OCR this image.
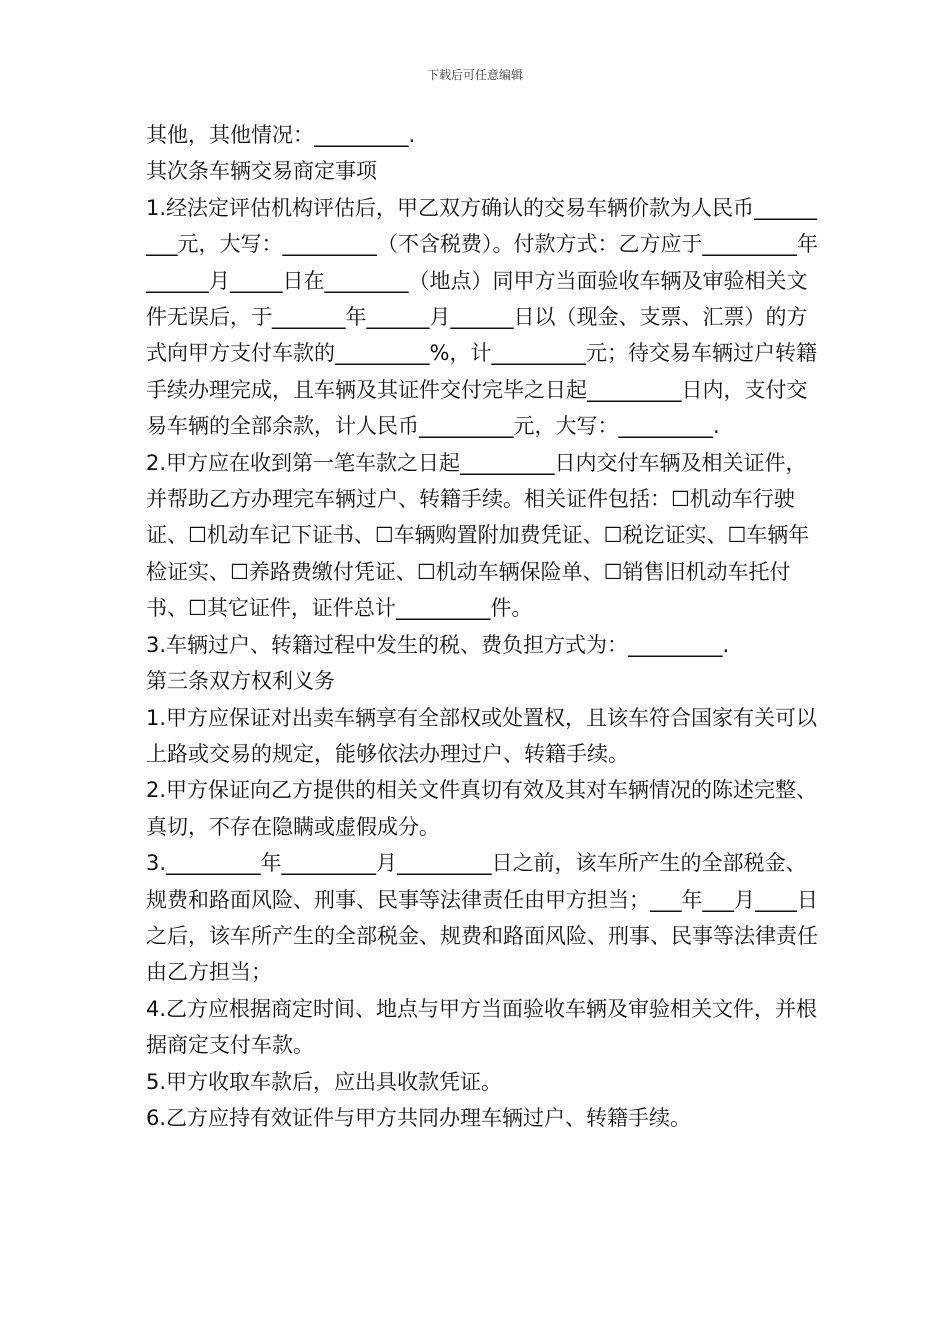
下载后可任意编辑

其他，其他情况：_________.

其次条车辆交易商定事项

1.经法定评估机构评估后，甲乙双方确认的交易车辆价款为人民币_________元，大写：_________（不含税费）。付款方式：乙方应于_________年______月_____日在________（地点）同甲方当面验收车辆及审验相关文件无误后，于_______年______月______日以（现金、支票、汇票）的方式向甲方支付车款的_________%，计_________元；待交易车辆过户转籍手续办理完成，且车辆及其证件交付完毕之日起_________日内，支付交易车辆的全部余款，计人民币_________元，大写：_________.

2.甲方应在收到第一笔车款之日起_________日内交付车辆及相关证件，并帮助乙方办理完车辆过户、转籍手续。相关证件包括：☐机动车行驶证、☐机动车记下证书、☐车辆购置附加费凭证、☐税讫证实、☐车辆年检证实、☐养路费缴付凭证、☐机动车辆保险单、☐销售旧机动车托付书、☐其它证件，证件总计_________件。

3.车辆过户、转籍过程中发生的税、费负担方式为：_________.

第三条双方权利义务

1.甲方应保证对出卖车辆享有全部权或处置权，且该车符合国家有关可以上路或交易的规定，能够依法办理过户、转籍手续。

2.甲方保证向乙方提供的相关文件真切有效及其对车辆情况的陈述完整、真切，不存在隐瞒或虚假成分。

3._________年_________月_________日之前，该车所产生的全部税金、规费和路面风险、刑事、民事等法律责任由甲方担当；___年___月____日之后，该车所产生的全部税金、规费和路面风险、刑事、民事等法律责任由乙方担当；

4.乙方应根据商定时间、地点与甲方当面验收车辆及审验相关文件，并根据商定支付车款。

5.甲方收取车款后，应出具收款凭证。

6.乙方应持有效证件与甲方共同办理车辆过户、转籍手续。
